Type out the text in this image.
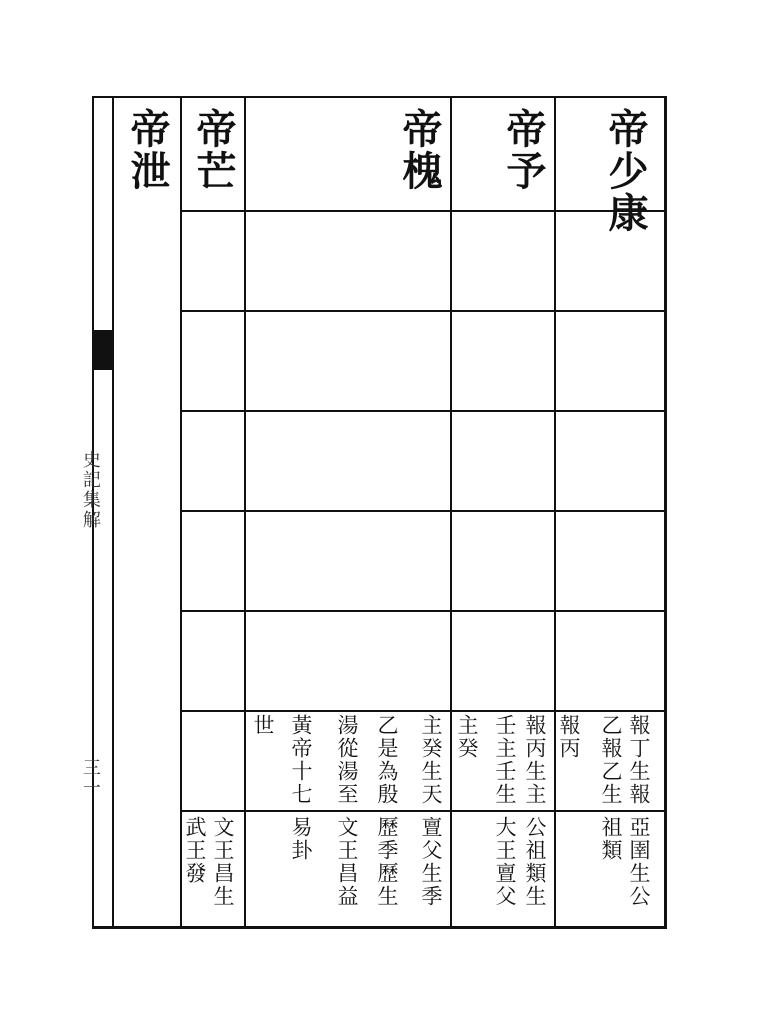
帝少康
帝予
帝槐
帝芒
帝泄
報丁生報
乙報乙生
報丙
亞圉生公
祖類
報丙生主
壬主壬生
主癸
公祖類生
大王亶父
主癸生天
乙是為殷
湯從湯至
黃帝十七
世
亶父生季
歷季歷生
文王昌益
易卦
文王昌生
武王發
史記集解
三一
